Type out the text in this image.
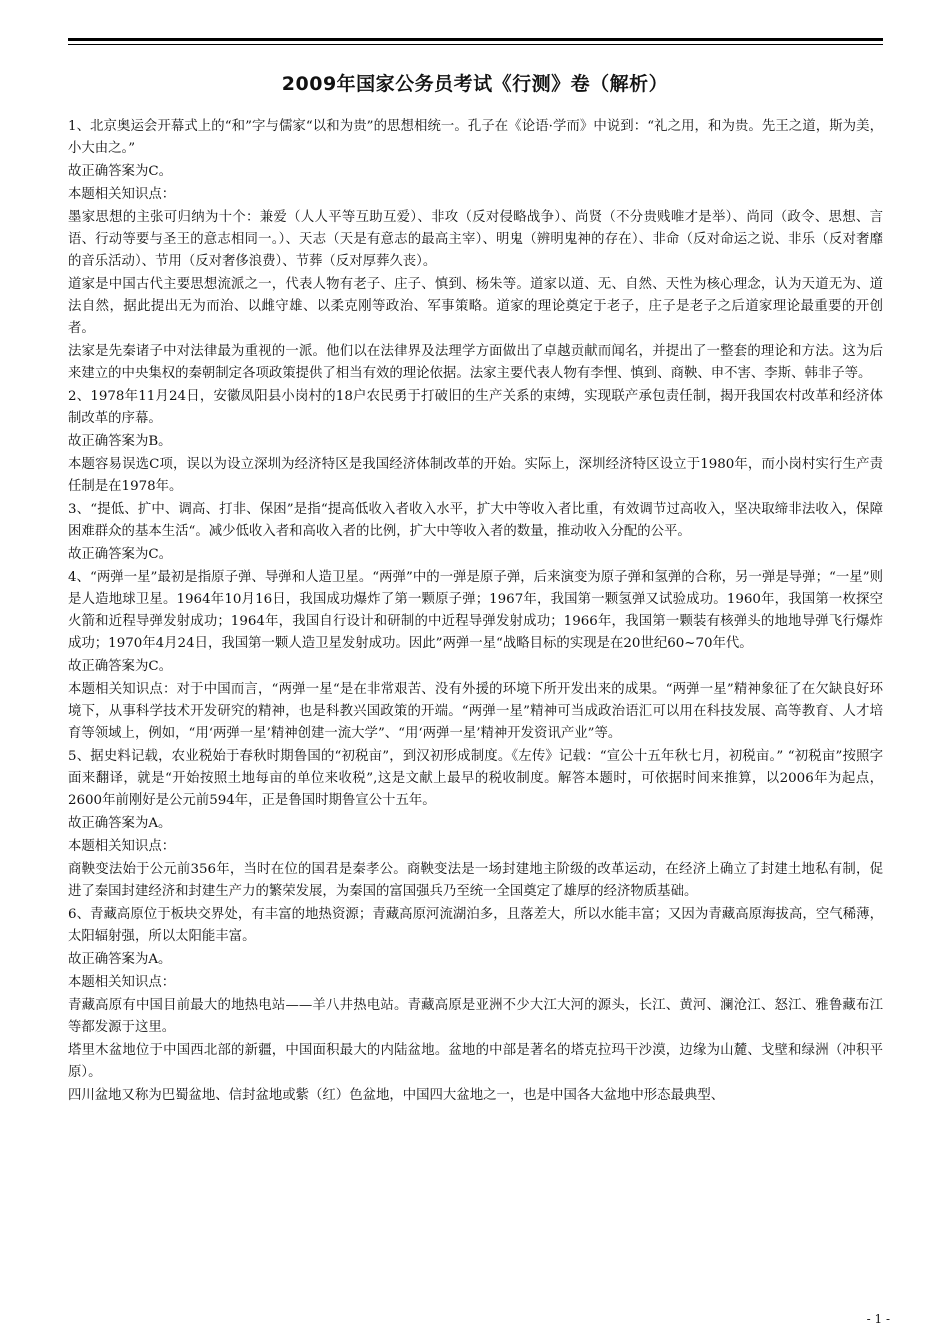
2009年国家公务员考试《行测》卷（解析）

1、北京奥运会开幕式上的“和”字与儒家“以和为贵”的思想相统一。孔子在《论语·学而》中说到：“礼之用，和为贵。先王之道，斯为美，小大由之。”

故正确答案为C。

本题相关知识点：

墨家思想的主张可归纳为十个：兼爱（人人平等互助互爱）、非攻（反对侵略战争）、尚贤（不分贵贱唯才是举）、尚同（政令、思想、言语、行动等要与圣王的意志相同一。）、天志（天是有意志的最高主宰）、明鬼（辨明鬼神的存在）、非命（反对命运之说、非乐（反对奢靡的音乐活动）、节用（反对奢侈浪费）、节葬（反对厚葬久丧）。

道家是中国古代主要思想流派之一，代表人物有老子、庄子、慎到、杨朱等。道家以道、无、自然、天性为核心理念，认为天道无为、道法自然，据此提出无为而治、以雌守雄、以柔克刚等政治、军事策略。道家的理论奠定于老子，庄子是老子之后道家理论最重要的开创者。

法家是先秦诸子中对法律最为重视的一派。他们以在法律界及法理学方面做出了卓越贡献而闻名，并提出了一整套的理论和方法。这为后来建立的中央集权的秦朝制定各项政策提供了相当有效的理论依据。法家主要代表人物有李悝、慎到、商鞅、申不害、李斯、韩非子等。

2、1978年11月24日，安徽凤阳县小岗村的18户农民勇于打破旧的生产关系的束缚，实现联产承包责任制，揭开我国农村改革和经济体制改革的序幕。

故正确答案为B。

本题容易误选C项，误以为设立深圳为经济特区是我国经济体制改革的开始。实际上，深圳经济特区设立于1980年，而小岗村实行生产责任制是在1978年。

3、“提低、扩中、调高、打非、保困”是指“提高低收入者收入水平，扩大中等收入者比重，有效调节过高收入，坚决取缔非法收入，保障困难群众的基本生活“。减少低收入者和高收入者的比例，扩大中等收入者的数量，推动收入分配的公平。

故正确答案为C。

4、“两弹一星”最初是指原子弹、导弹和人造卫星。“两弹”中的一弹是原子弹，后来演变为原子弹和氢弹的合称，另一弹是导弹；“一星”则是人造地球卫星。1964年10月16日，我国成功爆炸了第一颗原子弹；1967年，我国第一颗氢弹又试验成功。1960年，我国第一枚探空火箭和近程导弹发射成功；1964年，我国自行设计和研制的中近程导弹发射成功；1966年，我国第一颗装有核弹头的地地导弹飞行爆炸成功；1970年4月24日，我国第一颗人造卫星发射成功。因此”两弹一星“战略目标的实现是在20世纪60~70年代。

故正确答案为C。

本题相关知识点：对于中国而言，“两弹一星“是在非常艰苦、没有外援的环境下所开发出来的成果。“两弹一星”精神象征了在欠缺良好环境下，从事科学技术开发研究的精神，也是科教兴国政策的开端。“两弹一星”精神可当成政治语汇可以用在科技发展、高等教育、人才培育等领域上，例如，“用‘两弹一星’精神创建一流大学”、“用‘两弹一星’精神开发资讯产业”等。

5、据史料记载，农业税始于春秋时期鲁国的“初税亩”，到汉初形成制度。《左传》记载：“宣公十五年秋七月，初税亩。” “初税亩”按照字面来翻译，就是“开始按照土地每亩的单位来收税”,这是文献上最早的税收制度。解答本题时，可依据时间来推算，以2006年为起点，2600年前刚好是公元前594年，正是鲁国时期鲁宣公十五年。

故正确答案为A。

本题相关知识点：

商鞅变法始于公元前356年，当时在位的国君是秦孝公。商鞅变法是一场封建地主阶级的改革运动，在经济上确立了封建土地私有制，促进了秦国封建经济和封建生产力的繁荣发展，为秦国的富国强兵乃至统一全国奠定了雄厚的经济物质基础。

6、青藏高原位于板块交界处，有丰富的地热资源；青藏高原河流湖泊多，且落差大，所以水能丰富；又因为青藏高原海拔高，空气稀薄，太阳辐射强，所以太阳能丰富。

故正确答案为A。

本题相关知识点：

青藏高原有中国目前最大的地热电站——羊八井热电站。青藏高原是亚洲不少大江大河的源头，长江、黄河、澜沧江、怒江、雅鲁藏布江等都发源于这里。

塔里木盆地位于中国西北部的新疆，中国面积最大的内陆盆地。盆地的中部是著名的塔克拉玛干沙漠，边缘为山麓、戈壁和绿洲（冲积平原）。

四川盆地又称为巴蜀盆地、信封盆地或紫（红）色盆地，中国四大盆地之一，也是中国各大盆地中形态最典型、

- 1 -
